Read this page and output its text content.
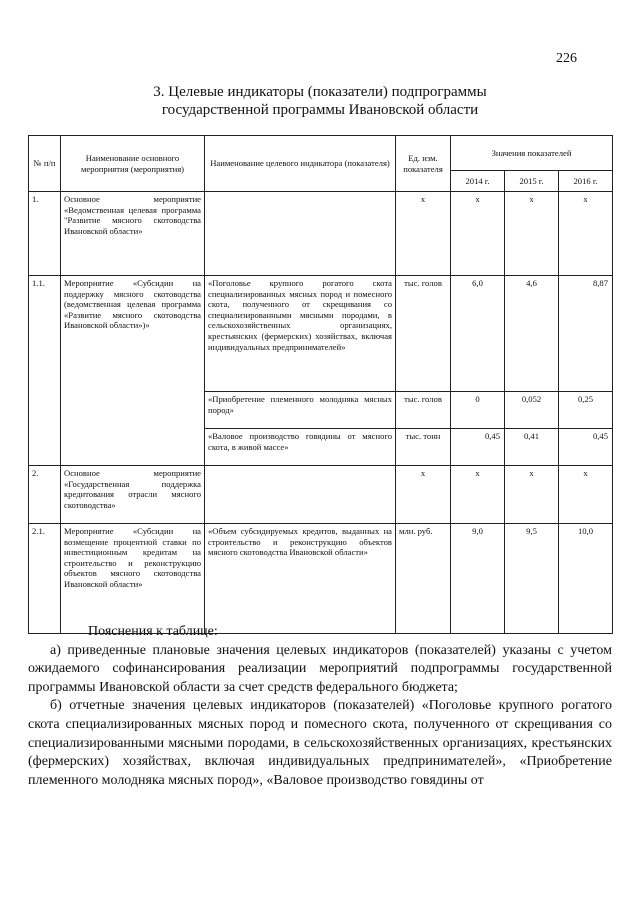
226
3. Целевые индикаторы (показатели) подпрограммы
государственной программы Ивановской области
№ п/п	Наименование основного мероприятия (мероприятия)	Наименование целевого индикатора (показателя)	Ед. изм. показателя	Значения показателей		
				2014 г.	2015 г.	2016 г.
1.	Основное мероприятие «Ведомственная целевая программа "Развитие мясного скотоводства Ивановской области»		х	х	х	х
1.1.	Мероприятие «Субсидии на поддержку мясного скотоводства (ведомственная целевая программа «Развитие мясного скотоводства Ивановской области»)»	«Поголовье крупного рогатого скота специализированных мясных пород и помесного скота, полученного от скрещивания со специализированными мясными породами, в сельскохозяйственных организациях, крестьянских (фермерских) хозяйствах, включая индивидуальных предпринимателей»	тыс. голов	6,0	4,6	8,87
		«Приобретение племенного молодняка мясных пород»	тыс. голов	0	0,052	0,25
		«Валовое производство говядины от мясного скота, в живой массе»	тыс. тонн	0,45	0,41	0,45
2.	Основное мероприятие «Государственная поддержка кредитования отрасли мясного скотоводства»		х	х	х	х
2.1.	Мероприятие «Субсидии на возмещение процентной ставки по инвестиционным кредитам на строительство и реконструкцию объектов мясного скотоводства Ивановской области»	«Объем субсидируемых кредитов, выданных на строительство и реконструкцию объектов мясного скотоводства Ивановской области»	млн. руб.	9,0	9,5	10,0

Пояснения к таблице:

а) приведенные плановые значения целевых индикаторов (показателей) указаны с учетом ожидаемого софинансирования реализации мероприятий подпрограммы государственной программы Ивановской области за счет средств федерального бюджета;

б) отчетные значения целевых индикаторов (показателей) «Поголовье крупного рогатого скота специализированных мясных пород и помесного скота, полученного от скрещивания со специализированными мясными породами, в сельскохозяйственных организациях, крестьянских (фермерских) хозяйствах, включая индивидуальных предпринимателей», «Приобретение племенного молодняка мясных пород», «Валовое производство говядины от
